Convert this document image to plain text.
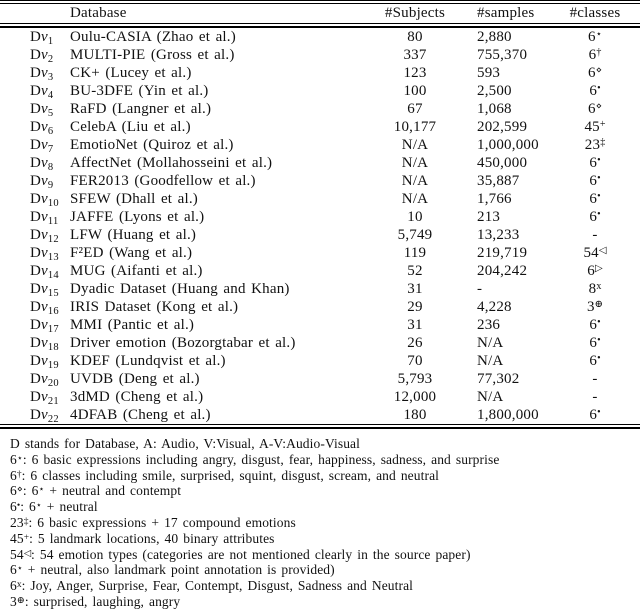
Database	#Subjects	#samples	#classes
$Dv_1$	Oulu-CASIA (Zhao et al.)	80	2,880	6⋆
$Dv_2$	MULTI-PIE (Gross et al.)	337	755,370	6†
$Dv_3$	CK+ (Lucey et al.)	123	593	6⋄
$Dv_4$	BU-3DFE (Yin et al.)	100	2,500	6•
$Dv_5$	RaFD (Langner et al.)	67	1,068	6⋄
$Dv_6$	CelebA (Liu et al.)	10,177	202,599	45+
$Dv_7$	EmotioNet (Quiroz et al.)	N/A	1,000,000	23‡
$Dv_8$	AffectNet (Mollahosseini et al.)	N/A	450,000	6•
$Dv_9$	FER2013 (Goodfellow et al.)	N/A	35,887	6•
$Dv_{10}$ SFEW (Dhall et al.)	N/A	1,766	6•
$Dv_{11}$ JAFFE (Lyons et al.)	10	213	6•
$Dv_{12}$ LFW (Huang et al.)	5,749	13,233	-
$Dv_{13}$ F²ED (Wang et al.)	119	219,719	54◁
$Dv_{14}$ MUG (Aifanti et al.)	52	204,242	6▷
$Dv_{15}$ Dyadic Dataset (Huang and Khan)	31	-	8$^x$
$Dv_{16}$ IRIS Dataset (Kong et al.)	29	4,228	3⊕
$Dv_{17}$ MMI (Pantic et al.)	31	236	6•
$Dv_{18}$ Driver emotion (Bozorgtabar et al.)	26	N/A	6•
$Dv_{19}$ KDEF (Lundqvist et al.)	70	N/A	6•
$Dv_{20}$ UVDB (Deng et al.)	5,793	77,302	-
$Dv_{21}$ 3dMD (Cheng et al.)	12,000	N/A	-
$Dv_{22}$ 4DFAB (Cheng et al.)	180	1,800,000	6•
D stands for Database, A: Audio, V:Visual, A-V:Audio-Visual
6⋆: 6 basic expressions including angry, disgust, fear, happiness, sadness, and surprise
6†: 6 classes including smile, surprised, squint, disgust, scream, and neutral
6⋄: 6⋆ + neutral and contempt
6•: 6⋆ + neutral
23‡: 6 basic expressions + 17 compound emotions
45+: 5 landmark locations, 40 binary attributes
54◁: 54 emotion types (categories are not mentioned clearly in the source paper)
6⋆ + neutral, also landmark point annotation is provided)
6$^x$: Joy, Anger, Surprise, Fear, Contempt, Disgust, Sadness and Neutral
3⊕: surprised, laughing, angry
